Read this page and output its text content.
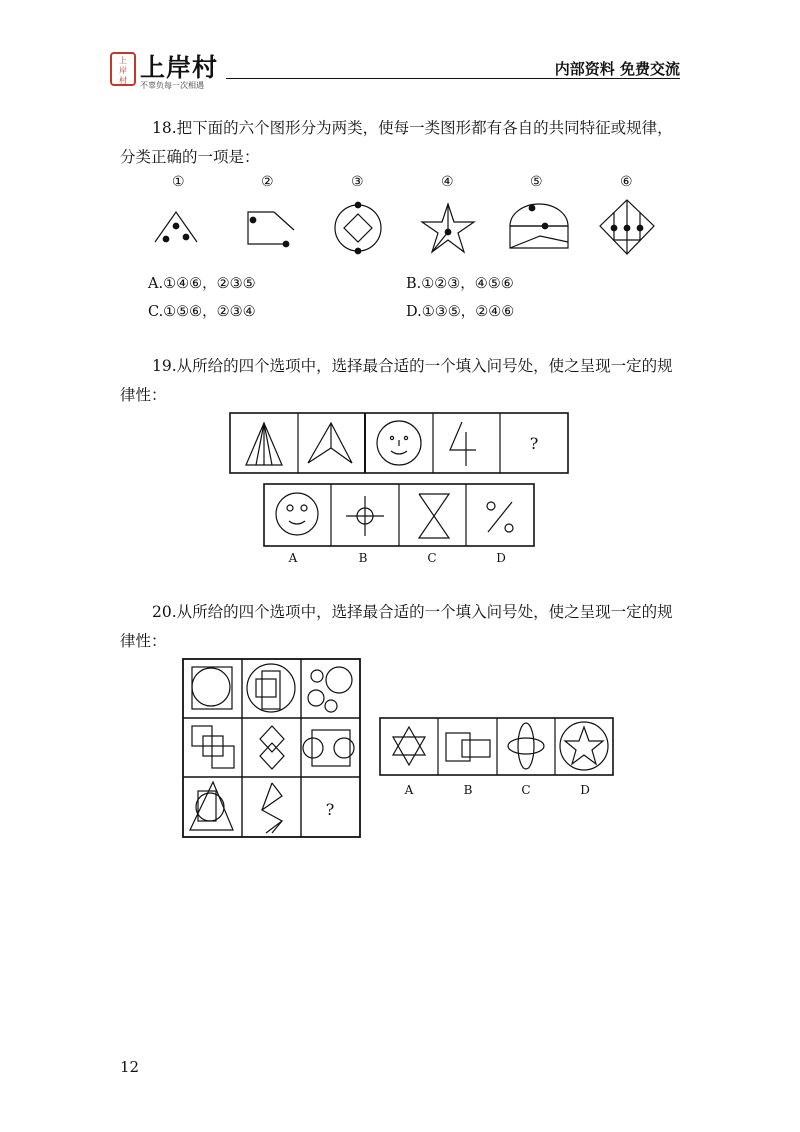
上
岸
村 上岸村
不辜负每一次相遇
内部资料 免费交流
18.把下面的六个图形分为两类，使每一类图形都有各自的共同特征或规律，分类正确的一项是：
①	②	③	④	⑤	⑥
A.①④⑥，②③⑤	B.①②③，④⑤⑥
C.①⑤⑥，②③④	D.①③⑤，②④⑥
19.从所给的四个选项中，选择最合适的一个填入问号处，使之呈现一定的规律性：
?
A	B	C	D
20.从所给的四个选项中，选择最合适的一个填入问号处，使之呈现一定的规律性：
?
A	B	C	D
12
